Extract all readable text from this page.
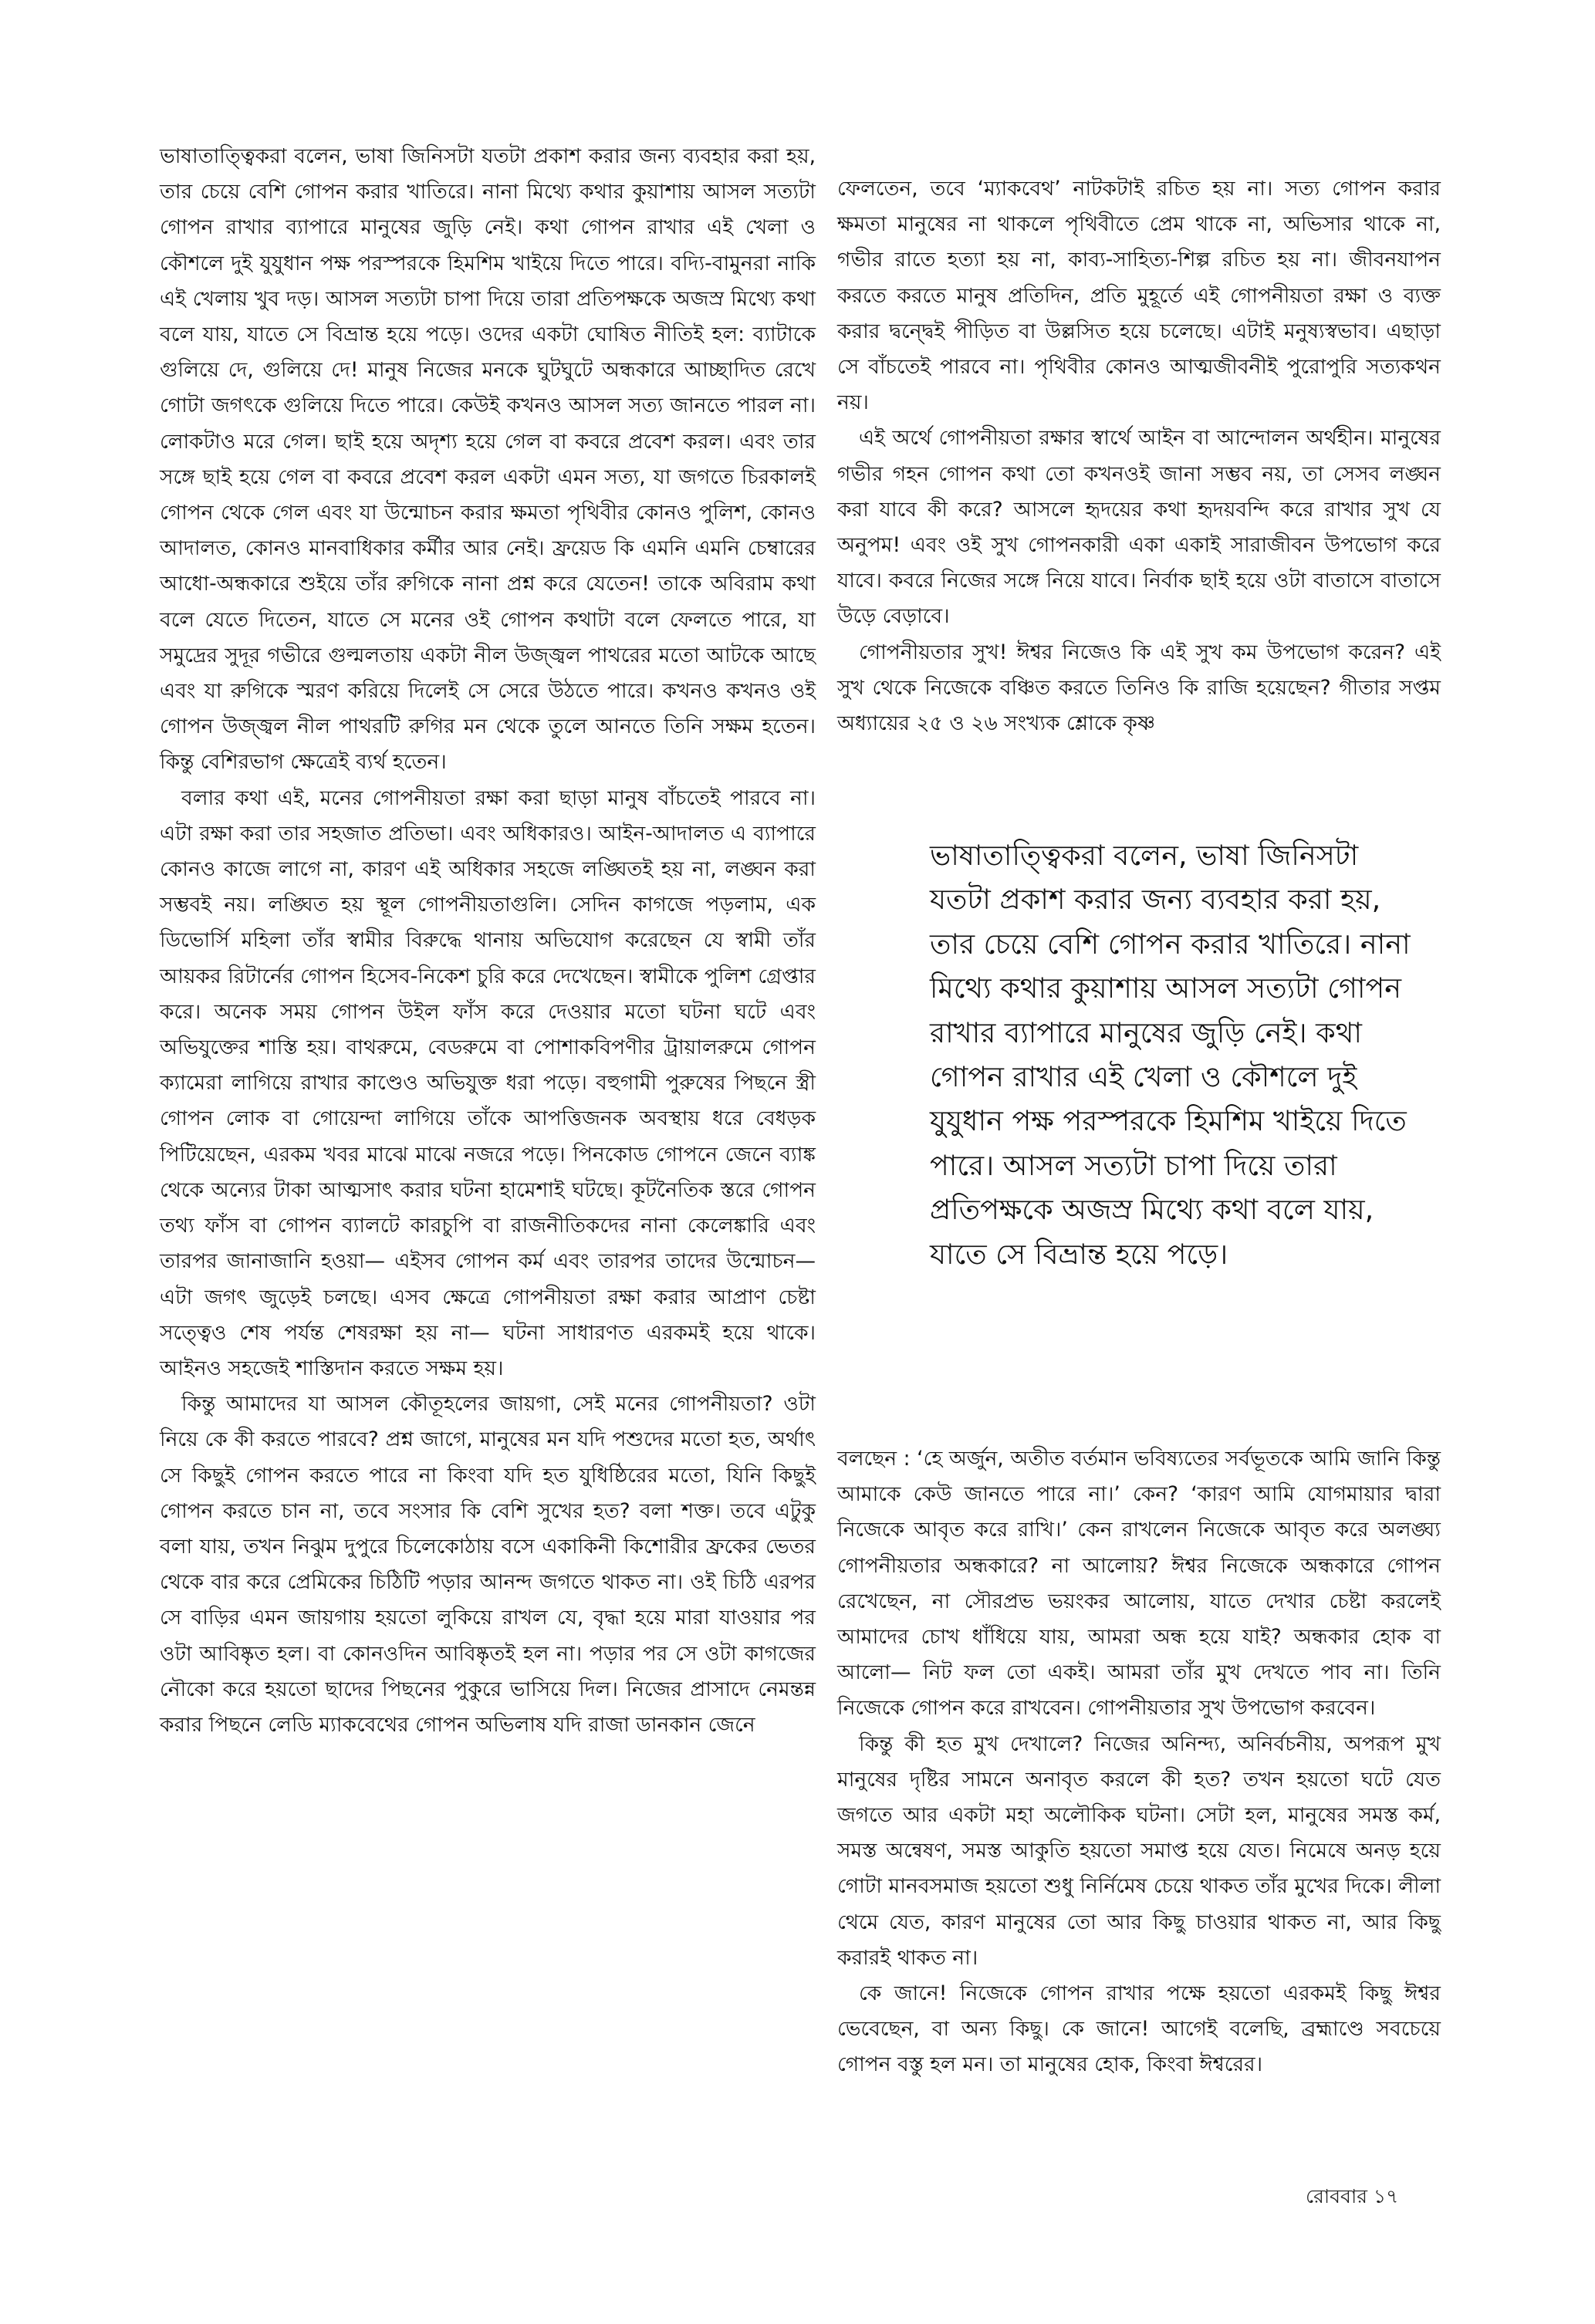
ভাষাতাত্ত্বিকরা বলেন, ভাষা জিনিসটা যতটা প্রকাশ করার জন্য ব্যবহার করা হয়, তার চেয়ে বেশি গোপন করার খাতিরে। নানা মিথ্যে কথার কুয়াশায় আসল সত্যটা গোপন রাখার ব্যাপারে মানুষের জুড়ি নেই। কথা গোপন রাখার এই খেলা ও কৌশলে দুই যুযুধান পক্ষ পরস্পরকে হিমশিম খাইয়ে দিতে পারে। বদ্যি-বামুনরা নাকি এই খেলায় খুব দড়। আসল সত্যটা চাপা দিয়ে তারা প্রতিপক্ষকে অজস্র মিথ্যে কথা বলে যায়, যাতে সে বিভ্রান্ত হয়ে পড়ে। ওদের একটা ঘোষিত নীতিই হল: ব্যাটাকে গুলিয়ে দে, গুলিয়ে দে! মানুষ নিজের মনকে ঘুটঘুটে অন্ধকারে আচ্ছাদিত রেখে গোটা জগৎকে গুলিয়ে দিতে পারে। কেউই কখনও আসল সত্য জানতে পারল না। লোকটাও মরে গেল। ছাই হয়ে অদৃশ্য হয়ে গেল বা কবরে প্রবেশ করল। এবং তার সঙ্গে ছাই হয়ে গেল বা কবরে প্রবেশ করল একটা এমন সত্য, যা জগতে চিরকালই গোপন থেকে গেল এবং যা উন্মোচন করার ক্ষমতা পৃথিবীর কোনও পুলিশ, কোনও আদালত, কোনও মানবাধিকার কর্মীর আর নেই। ফ্রয়েড কি এমনি এমনি চেম্বারের আধো-অন্ধকারে শুইয়ে তাঁর রুগিকে নানা প্রশ্ন করে যেতেন! তাকে অবিরাম কথা বলে যেতে দিতেন, যাতে সে মনের ওই গোপন কথাটা বলে ফেলতে পারে, যা সমুদ্রের সুদূর গভীরে গুল্মলতায় একটা নীল উজ্জ্বল পাথরের মতো আটকে আছে এবং যা রুগিকে স্মরণ করিয়ে দিলেই সে সেরে উঠতে পারে। কখনও কখনও ওই গোপন উজ্জ্বল নীল পাথরটি রুগির মন থেকে তুলে আনতে তিনি সক্ষম হতেন। কিন্তু বেশিরভাগ ক্ষেত্রেই ব্যর্থ হতেন।

বলার কথা এই, মনের গোপনীয়তা রক্ষা করা ছাড়া মানুষ বাঁচতেই পারবে না। এটা রক্ষা করা তার সহজাত প্রতিভা। এবং অধিকারও। আইন-আদালত এ ব্যাপারে কোনও কাজে লাগে না, কারণ এই অধিকার সহজে লঙ্ঘিতই হয় না, লঙ্ঘন করা সম্ভবই নয়। লঙ্ঘিত হয় স্থূল গোপনীয়তাগুলি। সেদিন কাগজে পড়লাম, এক ডিভোর্সি মহিলা তাঁর স্বামীর বিরুদ্ধে থানায় অভিযোগ করেছেন যে স্বামী তাঁর আয়কর রিটার্নের গোপন হিসেব-নিকেশ চুরি করে দেখেছেন। স্বামীকে পুলিশ গ্রেপ্তার করে। অনেক সময় গোপন উইল ফাঁস করে দেওয়ার মতো ঘটনা ঘটে এবং অভিযুক্তের শাস্তি হয়। বাথরুমে, বেডরুমে বা পোশাকবিপণীর ট্রায়ালরুমে গোপন ক্যামেরা লাগিয়ে রাখার কাণ্ডেও অভিযুক্ত ধরা পড়ে। বহুগামী পুরুষের পিছনে স্ত্রী গোপন লোক বা গোয়েন্দা লাগিয়ে তাঁকে আপত্তিজনক অবস্থায় ধরে বেধড়ক পিটিয়েছেন, এরকম খবর মাঝে মাঝে নজরে পড়ে। পিনকোড গোপনে জেনে ব্যাঙ্ক থেকে অন্যের টাকা আত্মসাৎ করার ঘটনা হামেশাই ঘটছে। কূটনৈতিক স্তরে গোপন তথ্য ফাঁস বা গোপন ব্যালটে কারচুপি বা রাজনীতিকদের নানা কেলেঙ্কারি এবং তারপর জানাজানি হওয়া— এইসব গোপন কর্ম এবং তারপর তাদের উন্মোচন— এটা জগৎ জুড়েই চলছে। এসব ক্ষেত্রে গোপনীয়তা রক্ষা করার আপ্রাণ চেষ্টা সত্ত্বেও শেষ পর্যন্ত শেষরক্ষা হয় না— ঘটনা সাধারণত এরকমই হয়ে থাকে। আইনও সহজেই শাস্তিদান করতে সক্ষম হয়।

কিন্তু আমাদের যা আসল কৌতূহলের জায়গা, সেই মনের গোপনীয়তা? ওটা নিয়ে কে কী করতে পারবে? প্রশ্ন জাগে, মানুষের মন যদি পশুদের মতো হত, অর্থাৎ সে কিছুই গোপন করতে পারে না কিংবা যদি হত যুধিষ্ঠিরের মতো, যিনি কিছুই গোপন করতে চান না, তবে সংসার কি বেশি সুখের হত? বলা শক্ত। তবে এটুকু বলা যায়, তখন নিঝুম দুপুরে চিলেকোঠায় বসে একাকিনী কিশোরীর ফ্রকের ভেতর থেকে বার করে প্রেমিকের চিঠিটি পড়ার আনন্দ জগতে থাকত না। ওই চিঠি এরপর সে বাড়ির এমন জায়গায় হয়তো লুকিয়ে রাখল যে, বৃদ্ধা হয়ে মারা যাওয়ার পর ওটা আবিষ্কৃত হল। বা কোনওদিন আবিষ্কৃতই হল না। পড়ার পর সে ওটা কাগজের নৌকো করে হয়তো ছাদের পিছনের পুকুরে ভাসিয়ে দিল। নিজের প্রাসাদে নেমন্তন্ন করার পিছনে লেডি ম্যাকবেথের গোপন অভিলাষ যদি রাজা ডানকান জেনে

ফেলতেন, তবে ‘ম্যাকবেথ’ নাটকটাই রচিত হয় না। সত্য গোপন করার ক্ষমতা মানুষের না থাকলে পৃথিবীতে প্রেম থাকে না, অভিসার থাকে না, গভীর রাতে হত্যা হয় না, কাব্য-সাহিত্য-শিল্প রচিত হয় না। জীবনযাপন করতে করতে মানুষ প্রতিদিন, প্রতি মুহূর্তে এই গোপনীয়তা রক্ষা ও ব্যক্ত করার দ্বন্দ্বেই পীড়িত বা উল্লসিত হয়ে চলেছে। এটাই মনুষ্যস্বভাব। এছাড়া সে বাঁচতেই পারবে না। পৃথিবীর কোনও আত্মজীবনীই পুরোপুরি সত্যকথন নয়।

এই অর্থে গোপনীয়তা রক্ষার স্বার্থে আইন বা আন্দোলন অর্থহীন। মানুষের গভীর গহন গোপন কথা তো কখনওই জানা সম্ভব নয়, তা সেসব লঙ্ঘন করা যাবে কী করে? আসলে হৃদয়ের কথা হৃদয়বন্দি করে রাখার সুখ যে অনুপম! এবং ওই সুখ গোপনকারী একা একাই সারাজীবন উপভোগ করে যাবে। কবরে নিজের সঙ্গে নিয়ে যাবে। নির্বাক ছাই হয়ে ওটা বাতাসে বাতাসে উড়ে বেড়াবে।

গোপনীয়তার সুখ! ঈশ্বর নিজেও কি এই সুখ কম উপভোগ করেন? এই সুখ থেকে নিজেকে বঞ্চিত করতে তিনিও কি রাজি হয়েছেন? গীতার সপ্তম অধ্যায়ের ২৫ ও ২৬ সংখ্যক শ্লোকে কৃষ্ণ

ভাষাতাত্ত্বিকরা বলেন, ভাষা জিনিসটা যতটা প্রকাশ করার জন্য ব্যবহার করা হয়, তার চেয়ে বেশি গোপন করার খাতিরে। নানা মিথ্যে কথার কুয়াশায় আসল সত্যটা গোপন রাখার ব্যাপারে মানুষের জুড়ি নেই। কথা গোপন রাখার এই খেলা ও কৌশলে দুই যুযুধান পক্ষ পরস্পরকে হিমশিম খাইয়ে দিতে পারে। আসল সত্যটা চাপা দিয়ে তারা প্রতিপক্ষকে অজস্র মিথ্যে কথা বলে যায়, যাতে সে বিভ্রান্ত হয়ে পড়ে।

বলছেন : ‘হে অর্জুন, অতীত বর্তমান ভবিষ্যতের সর্বভূতকে আমি জানি কিন্তু আমাকে কেউ জানতে পারে না।’ কেন? ‘কারণ আমি যোগমায়ার দ্বারা নিজেকে আবৃত করে রাখি।’ কেন রাখলেন নিজেকে আবৃত করে অলঙ্ঘ্য গোপনীয়তার অন্ধকারে? না আলোয়? ঈশ্বর নিজেকে অন্ধকারে গোপন রেখেছেন, না সৌরপ্রভ ভয়ংকর আলোয়, যাতে দেখার চেষ্টা করলেই আমাদের চোখ ধাঁধিয়ে যায়, আমরা অন্ধ হয়ে যাই? অন্ধকার হোক বা আলো— নিট ফল তো একই। আমরা তাঁর মুখ দেখতে পাব না। তিনি নিজেকে গোপন করে রাখবেন। গোপনীয়তার সুখ উপভোগ করবেন।

কিন্তু কী হত মুখ দেখালে? নিজের অনিন্দ্য, অনির্বচনীয়, অপরূপ মুখ মানুষের দৃষ্টির সামনে অনাবৃত করলে কী হত? তখন হয়তো ঘটে যেত জগতে আর একটা মহা অলৌকিক ঘটনা। সেটা হল, মানুষের সমস্ত কর্ম, সমস্ত অন্বেষণ, সমস্ত আকুতি হয়তো সমাপ্ত হয়ে যেত। নিমেষে অনড় হয়ে গোটা মানবসমাজ হয়তো শুধু নির্নিমেষ চেয়ে থাকত তাঁর মুখের দিকে। লীলা থেমে যেত, কারণ মানুষের তো আর কিছু চাওয়ার থাকত না, আর কিছু করারই থাকত না।

কে জানে! নিজেকে গোপন রাখার পক্ষে হয়তো এরকমই কিছু ঈশ্বর ভেবেছেন, বা অন্য কিছু। কে জানে! আগেই বলেছি, ব্রহ্মাণ্ডে সবচেয়ে গোপন বস্তু হল মন। তা মানুষের হোক, কিংবা ঈশ্বরের।

রোববার ১৭
